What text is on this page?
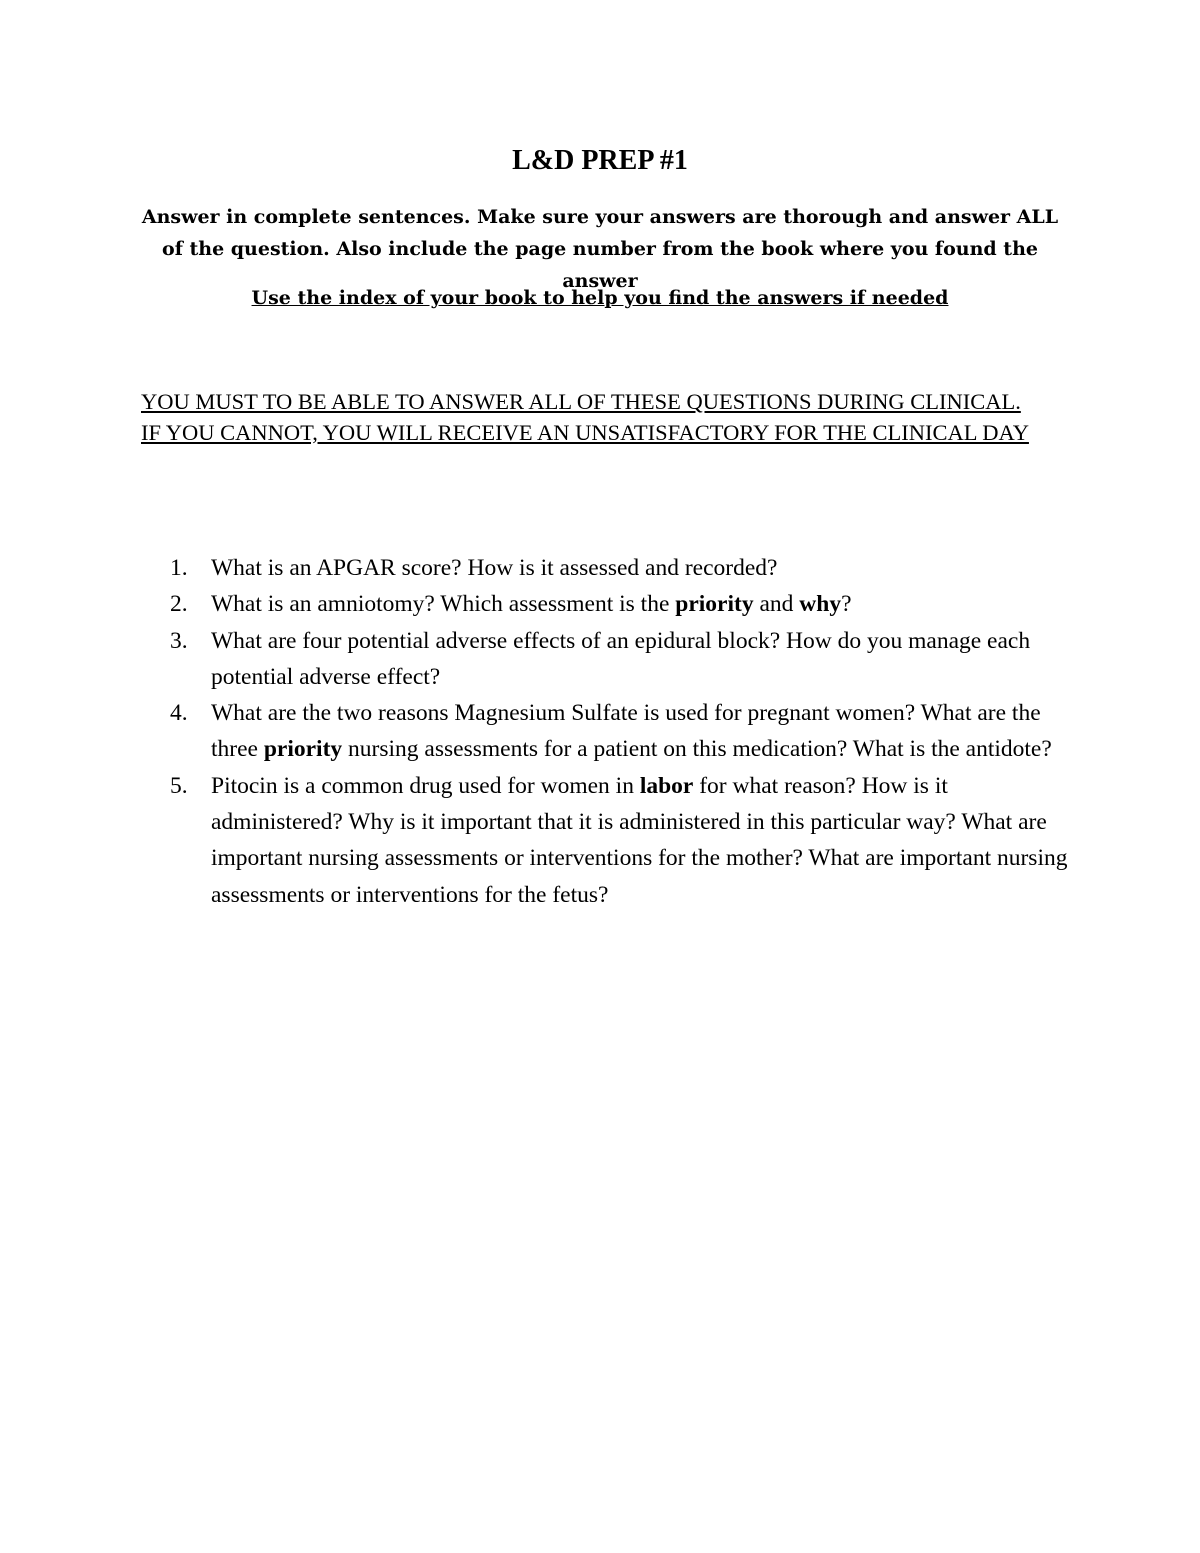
L&D PREP #1
Answer in complete sentences. Make sure your answers are thorough and answer ALL of the question. Also include the page number from the book where you found the answer
Use the index of your book to help you find the answers if needed
YOU MUST TO BE ABLE TO ANSWER ALL OF THESE QUESTIONS DURING CLINICAL. IF YOU CANNOT, YOU WILL RECEIVE AN UNSATISFACTORY FOR THE CLINICAL DAY
1. What is an APGAR score? How is it assessed and recorded?
2. What is an amniotomy? Which assessment is the priority and why?
3. What are four potential adverse effects of an epidural block? How do you manage each potential adverse effect?
4. What are the two reasons Magnesium Sulfate is used for pregnant women? What are the three priority nursing assessments for a patient on this medication? What is the antidote?
5. Pitocin is a common drug used for women in labor for what reason? How is it administered? Why is it important that it is administered in this particular way? What are important nursing assessments or interventions for the mother? What are important nursing assessments or interventions for the fetus?
